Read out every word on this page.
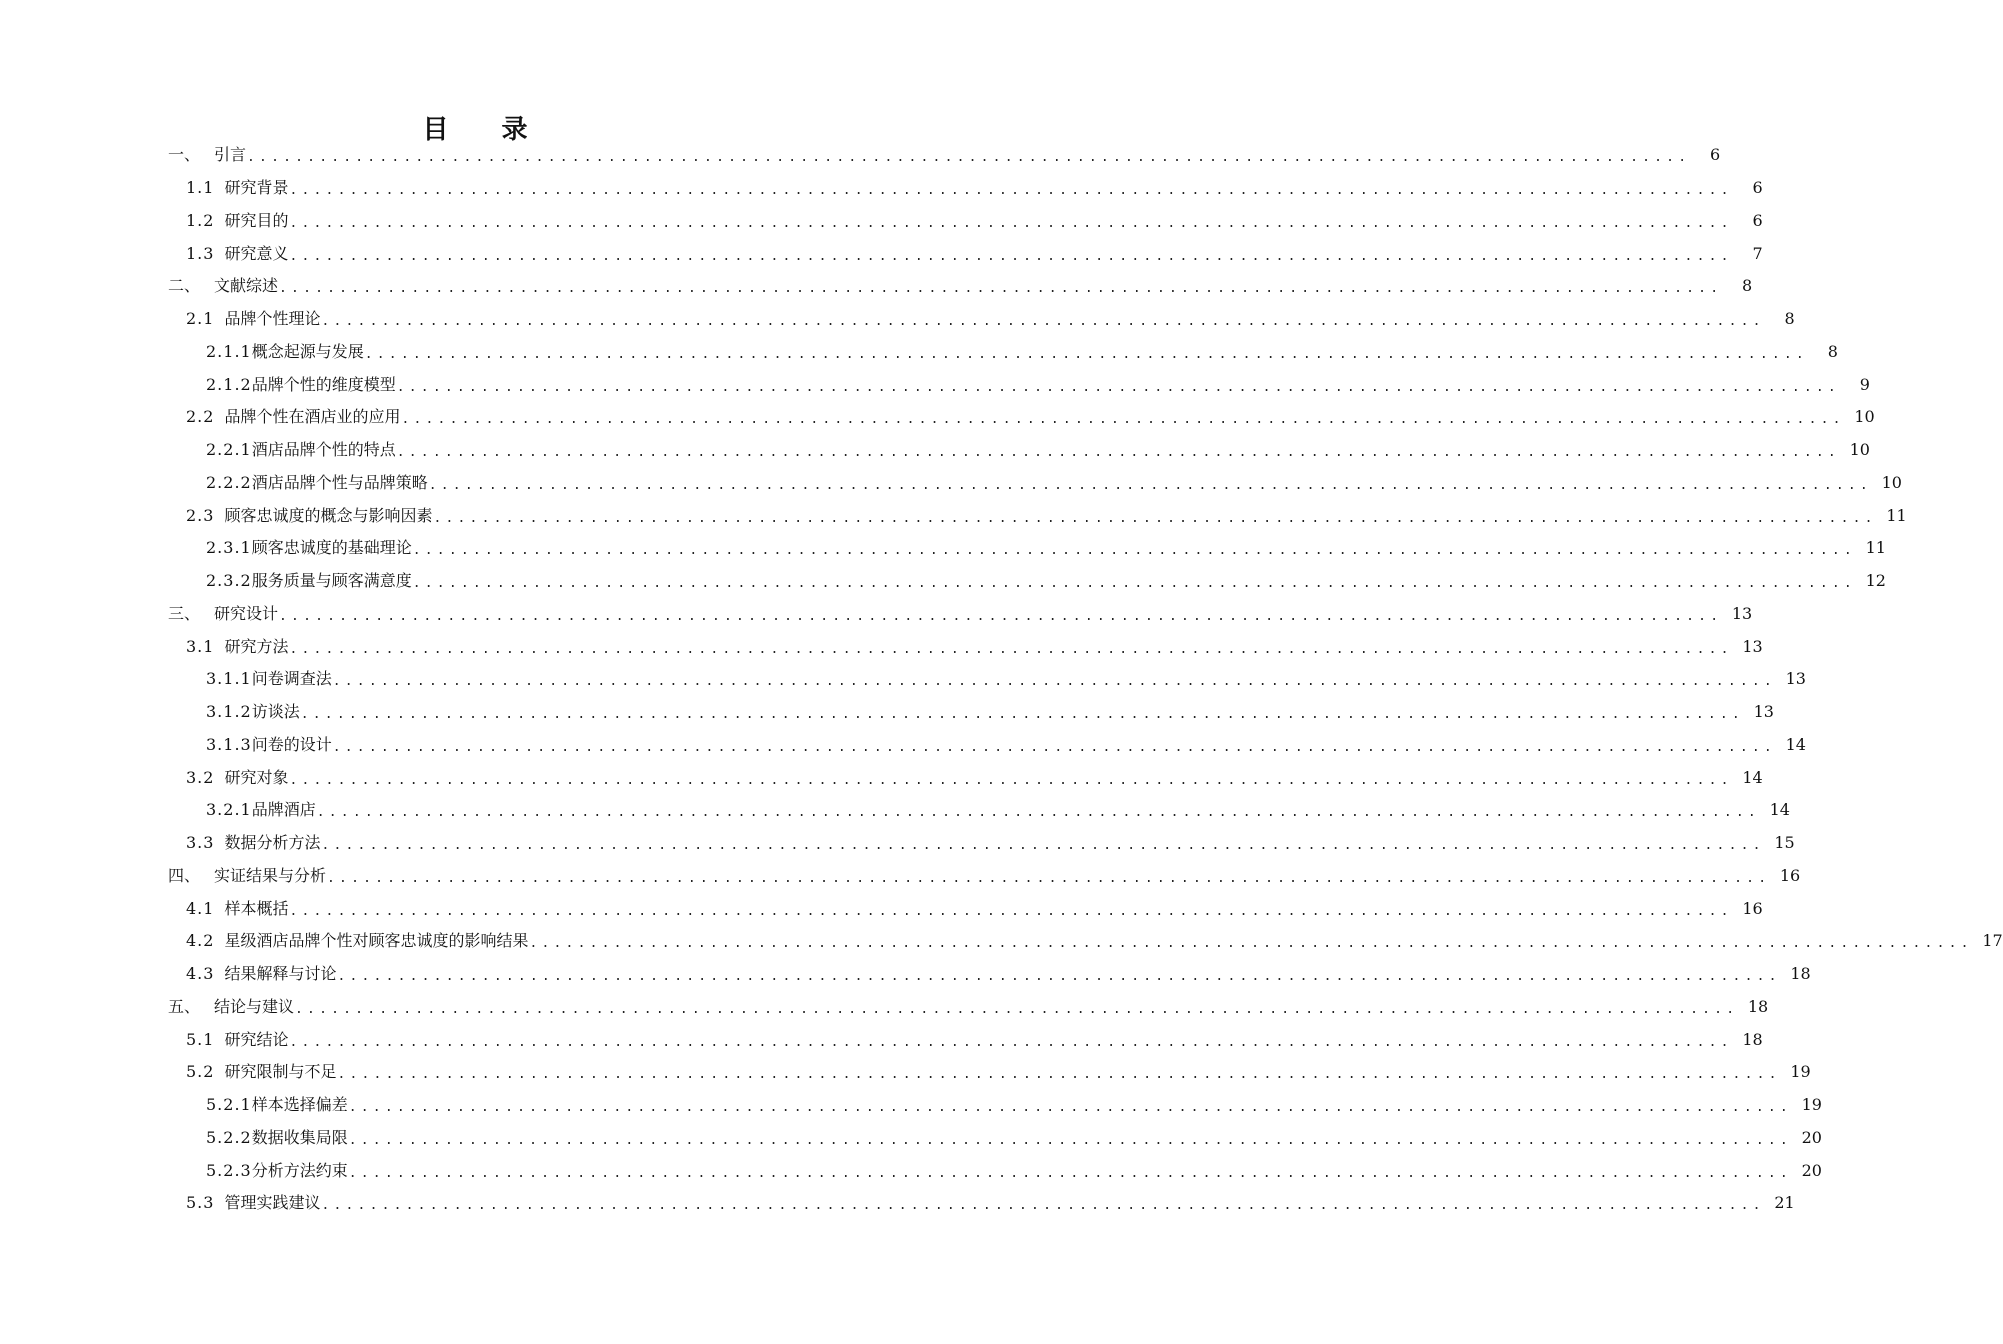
目 录
一、 引言 ........................................................................................................................	6
1.1 研究背景 ........................................................................................................................	6
1.2 研究目的 ........................................................................................................................	6
1.3 研究意义 ........................................................................................................................	7
二、 文献综述 ........................................................................................................................	8
2.1 品牌个性理论 ........................................................................................................................	8
2.1.1 概念起源与发展 ........................................................................................................................	8
2.1.2 品牌个性的维度模型 ........................................................................................................................	9
2.2 品牌个性在酒店业的应用 ........................................................................................................................ 10
2.2.1 酒店品牌个性的特点 ........................................................................................................................ 10
2.2.2 酒店品牌个性与品牌策略 ........................................................................................................................ 10
2.3 顾客忠诚度的概念与影响因素 ........................................................................................................................ 11
2.3.1 顾客忠诚度的基础理论 ........................................................................................................................ 11
2.3.2 服务质量与顾客满意度 ........................................................................................................................ 12
三、 研究设计 ........................................................................................................................ 13
3.1 研究方法 ........................................................................................................................ 13
3.1.1 问卷调查法 ........................................................................................................................ 13
3.1.2 访谈法 ........................................................................................................................ 13
3.1.3 问卷的设计 ........................................................................................................................ 14
3.2 研究对象 ........................................................................................................................ 14
3.2.1 品牌酒店 ........................................................................................................................ 14
3.3 数据分析方法 ........................................................................................................................ 15
四、 实证结果与分析 ........................................................................................................................ 16
4.1 样本概括 ........................................................................................................................ 16
4.2 星级酒店品牌个性对顾客忠诚度的影响结果 ........................................................................................................................ 17
4.3 结果解释与讨论 ........................................................................................................................ 18
五、 结论与建议 ........................................................................................................................ 18
5.1 研究结论 ........................................................................................................................ 18
5.2 研究限制与不足 ........................................................................................................................ 19
5.2.1 样本选择偏差 ........................................................................................................................ 19
5.2.2 数据收集局限 ........................................................................................................................ 20
5.2.3 分析方法约束 ........................................................................................................................ 20
5.3 管理实践建议 ........................................................................................................................ 21
